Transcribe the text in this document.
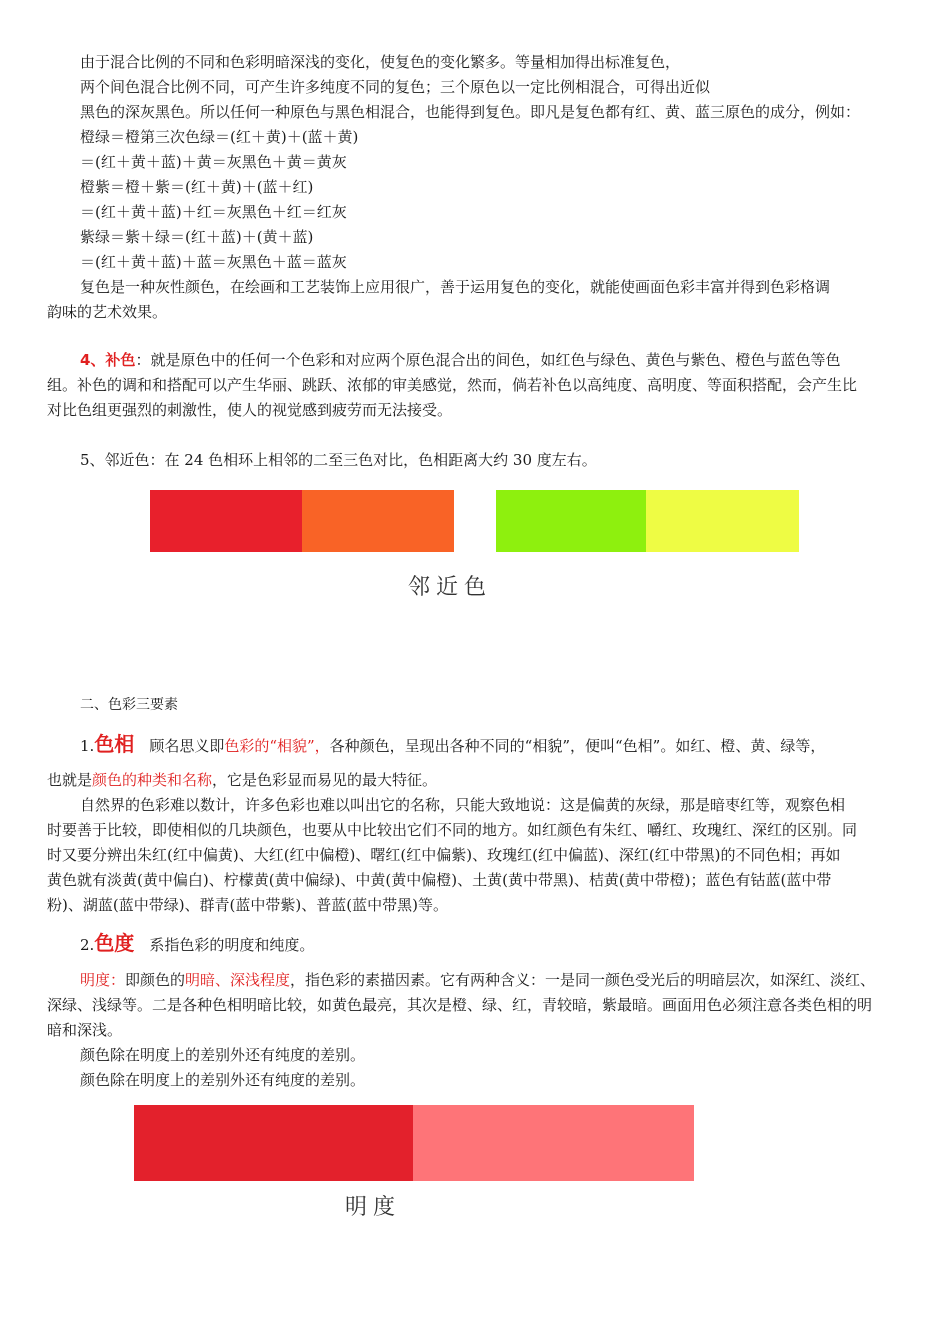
由于混合比例的不同和色彩明暗深浅的变化，使复色的变化繁多。等量相加得出标准复色，
两个间色混合比例不同，可产生许多纯度不同的复色；三个原色以一定比例相混合，可得出近似
黑色的深灰黑色。所以任何一种原色与黑色相混合，也能得到复色。即凡是复色都有红、黄、蓝三原色的成分，例如：
橙绿＝橙第三次色绿＝(红＋黄)＋(蓝＋黄)
＝(红＋黄＋蓝)＋黄＝灰黑色＋黄＝黄灰
橙紫＝橙＋紫＝(红＋黄)＋(蓝＋红)
＝(红＋黄＋蓝)＋红＝灰黑色＋红＝红灰
紫绿＝紫＋绿＝(红＋蓝)＋(黄＋蓝)
＝(红＋黄＋蓝)＋蓝＝灰黑色＋蓝＝蓝灰
复色是一种灰性颜色，在绘画和工艺装饰上应用很广，善于运用复色的变化，就能使画面色彩丰富并得到色彩格调
韵味的艺术效果。
4、补色：就是原色中的任何一个色彩和对应两个原色混合出的间色，如红色与绿色、黄色与紫色、橙色与蓝色等色
组。补色的调和和搭配可以产生华丽、跳跃、浓郁的审美感觉，然而，倘若补色以高纯度、高明度、等面积搭配，会产生比
对比色组更强烈的刺激性，使人的视觉感到疲劳而无法接受。
5、邻近色：在 24 色相环上相邻的二至三色对比，色相距离大约 30 度左右。
邻近色
二、色彩三要素
1.色相　顾名思义即色彩的“相貌”，各种颜色，呈现出各种不同的“相貌”，便叫“色相”。如红、橙、黄、绿等，
也就是颜色的种类和名称，它是色彩显而易见的最大特征。
自然界的色彩难以数计，许多色彩也难以叫出它的名称，只能大致地说：这是偏黄的灰绿，那是暗枣红等，观察色相
时要善于比较，即使相似的几块颜色，也要从中比较出它们不同的地方。如红颜色有朱红、嚼红、玫瑰红、深红的区别。同
时又要分辨出朱红(红中偏黄)、大红(红中偏橙)、曙红(红中偏紫)、玫瑰红(红中偏蓝)、深红(红中带黑)的不同色相；再如
黄色就有淡黄(黄中偏白)、柠檬黄(黄中偏绿)、中黄(黄中偏橙)、土黄(黄中带黑)、桔黄(黄中带橙)；蓝色有钴蓝(蓝中带
粉)、湖蓝(蓝中带绿)、群青(蓝中带紫)、普蓝(蓝中带黑)等。
2.色度　系指色彩的明度和纯度。
明度：即颜色的明暗、深浅程度，指色彩的素描因素。它有两种含义：一是同一颜色受光后的明暗层次，如深红、淡红、
深绿、浅绿等。二是各种色相明暗比较，如黄色最亮，其次是橙、绿、红，青较暗，紫最暗。画面用色必须注意各类色相的明
暗和深浅。
颜色除在明度上的差别外还有纯度的差别。
颜色除在明度上的差别外还有纯度的差别。
明度
